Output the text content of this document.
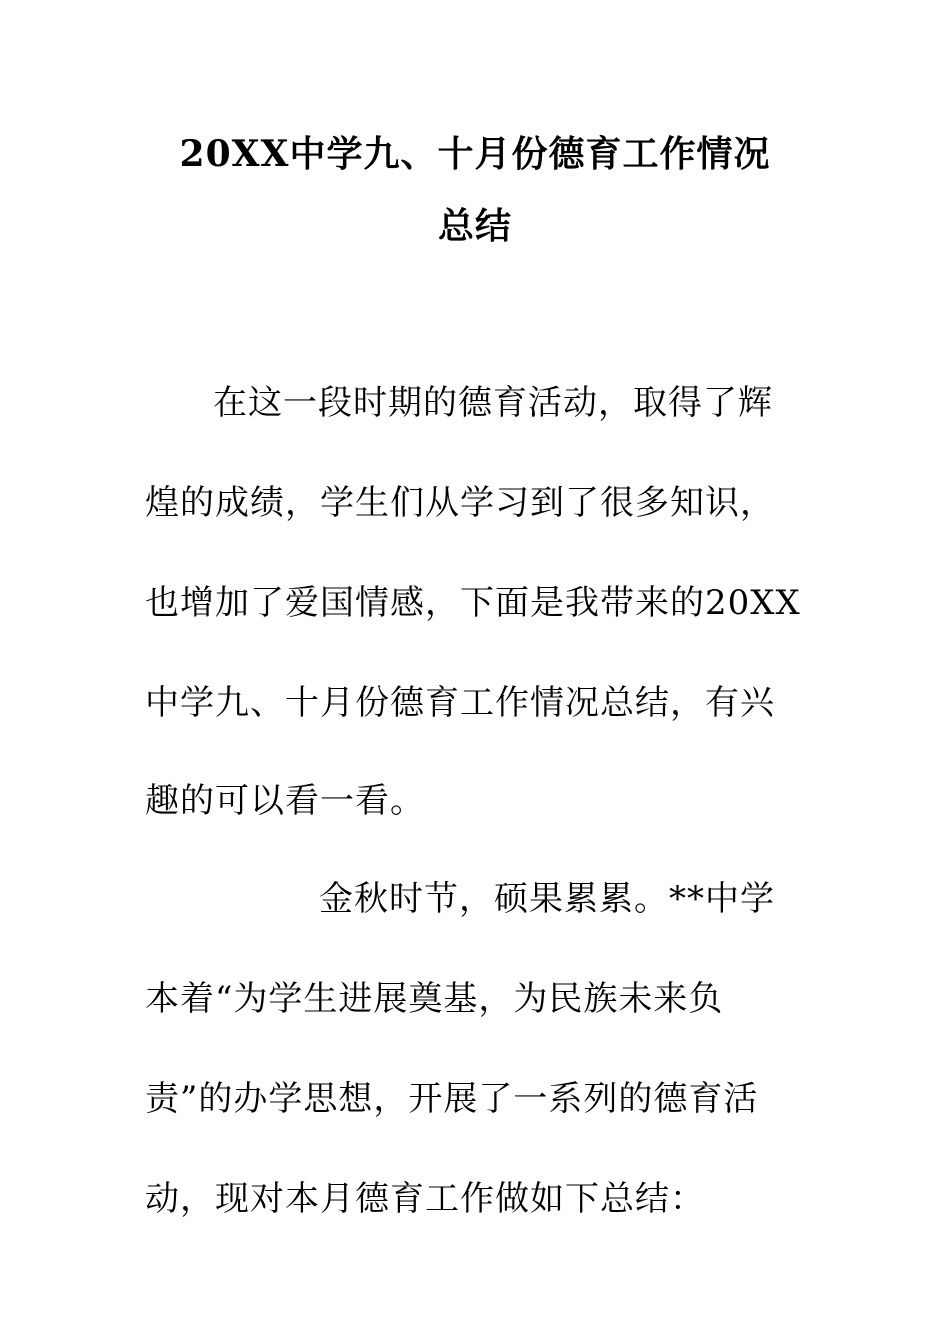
20XX中学九、十月份德育工作情况
总结
在这一段时期的德育活动，取得了辉
煌的成绩，学生们从学习到了很多知识，
也增加了爱国情感，下面是我带来的20XX
中学九、十月份德育工作情况总结，有兴
趣的可以看一看。
金秋时节，硕果累累。**中学
本着“为学生进展奠基，为民族未来负
责”的办学思想，开展了一系列的德育活
动，现对本月德育工作做如下总结：
